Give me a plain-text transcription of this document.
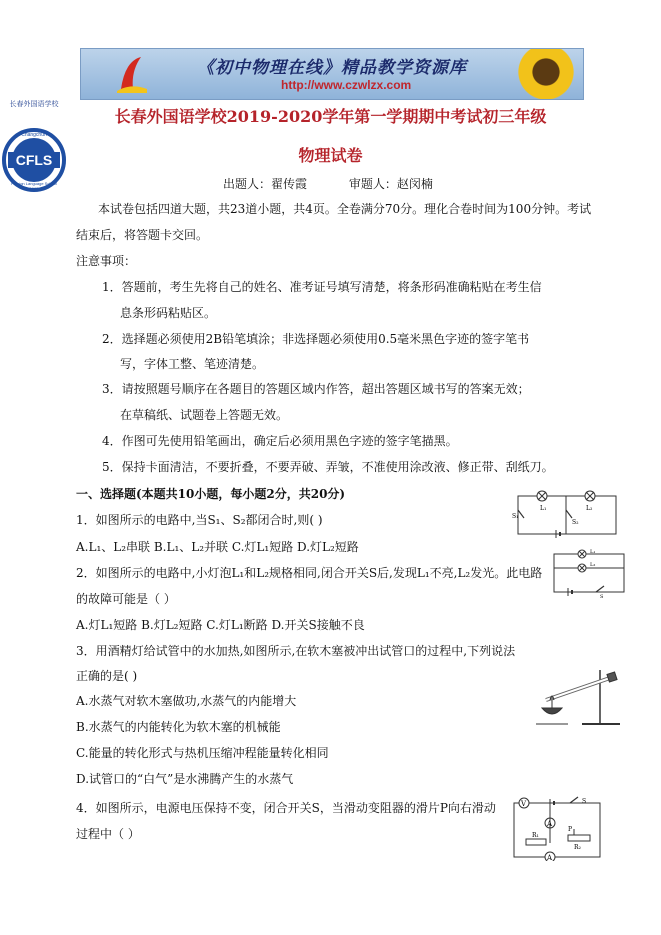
《初中物理在线》精品教学资源库
http://www.czwlzx.com
CFLS
Changchun
Foreign Language School
1963
长春外国语学校
长春外国语学校2019-2020学年第一学期期中考试初三年级
物理试卷
出题人：翟传霞	审题人：赵闵楠
本试卷包括四道大题，共23道小题，共4页。全卷满分70分。理化合卷时间为100分钟。考试
结束后，将答题卡交回。
注意事项：
1．答题前，考生先将自己的姓名、准考证号填写清楚，将条形码准确粘贴在考生信
息条形码粘贴区。
2．选择题必须使用2B铅笔填涂；非选择题必须使用0.5毫米黑色字迹的签字笔书
写，字体工整、笔迹清楚。
3．请按照题号顺序在各题目的答题区域内作答，超出答题区域书写的答案无效；
在草稿纸、试题卷上答题无效。
4．作图可先使用铅笔画出，确定后必须用黑色字迹的签字笔描黑。
5．保持卡面清洁，不要折叠，不要弄破、弄皱，不准使用涂改液、修正带、刮纸刀。
一、选择题(本题共10小题，每小题2分，共20分)
1．如图所示的电路中,当S₁、S₂都闭合时,则( )
A.L₁、L₂串联 B.L₁、L₂并联 C.灯L₁短路 D.灯L₂短路
L₁	L₂
S₁
S₂
2．如图所示的电路中,小灯泡L₁和L₂规格相同,闭合开关S后,发现L₁不亮,L₂发光。此电路
的故障可能是（ ）
A.灯L₁短路 B.灯L₂短路 C.灯L₁断路 D.开关S接触不良
L₁
L₂
S
3．用酒精灯给试管中的水加热,如图所示,在软木塞被冲出试管口的过程中,下列说法
正确的是( )
A.水蒸气对软木塞做功,水蒸气的内能增大
B.水蒸气的内能转化为软木塞的机械能
C.能量的转化形式与热机压缩冲程能量转化相同
D.试管口的“白气”是水沸腾产生的水蒸气
4．如图所示，电源电压保持不变，闭合开关S，当滑动变阻器的滑片P向右滑动
过程中（ ）
V	S
A
R₁
P
R₂
A
